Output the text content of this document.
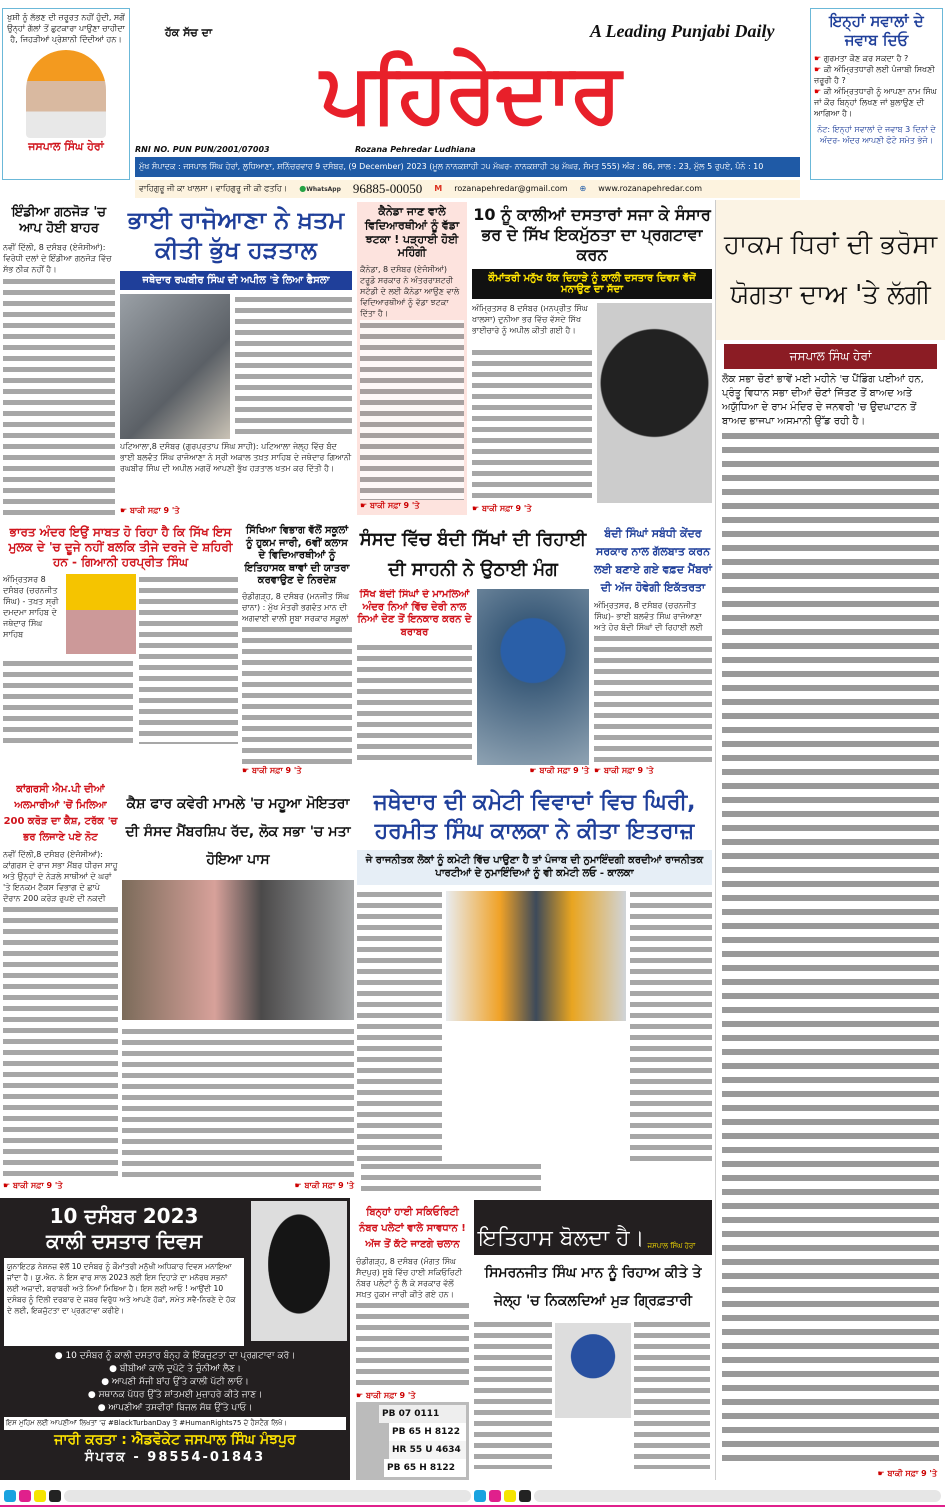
ਖੁਸ਼ੀ ਨੂੰ ਲੱਭਣ ਦੀ ਜ਼ਰੂਰਤ ਨਹੀਂ ਹੁੰਦੀ, ਸਗੋਂ ਉਨ੍ਹਾਂ ਗੱਲਾਂ ਤੋਂ ਛੁਟਕਾਰਾ ਪਾਉਣਾ ਚਾਹੀਦਾ ਹੈ, ਜਿਹੜੀਆਂ ਪ੍ਰੇਸ਼ਾਨੀ ਦਿੰਦੀਆਂ ਹਨ।
ਜਸਪਾਲ ਸਿੰਘ ਹੇਰਾਂ
ਹੱਕ ਸੱਚ ਦਾ	A Leading Punjabi Daily
ਪਹਿਰੇਦਾਰ
RNI NO. PUN PUN/2001/07003	Rozana Pehredar Ludhiana
ਮੁੱਖ ਸੰਪਾਦਕ : ਜਸਪਾਲ ਸਿੰਘ ਹੇਰਾਂ, ਲੁਧਿਆਣਾ, ਸ਼ਨਿੱਚਰਵਾਰ 9 ਦਸੰਬਰ, (9 December) 2023 (ਮੂਲ ਨਾਨਕਸ਼ਾਹੀ ੨੫ ਮੱਘਰ- ਨਾਨਕਸ਼ਾਹੀ ੨੪ ਮੱਘਰ, ਸੰਮਤ 555) ਅੰਕ : 86, ਸਾਲ : 23, ਮੁੱਲ 5 ਰੁਪਏ, ਪੰਨੇ : 10
ਵਾਹਿਗੁਰੂ ਜੀ ਕਾ ਖਾਲਸਾ। ਵਾਹਿਗੁਰੂ ਜੀ ਕੀ ਫਤਹਿ। ●WhatsApp 96885-00050 M rozanapehredar@gmail.com ⊕ www.rozanapehredar.com
ਇਨ੍ਹਾਂ ਸਵਾਲਾਂ ਦੇ ਜਵਾਬ ਦਿਓ
☛ ਗੁਰਮਤਾ ਕੌਣ ਕਰ ਸਕਦਾ ਹੈ ?
☛ ਕੀ ਅੰਮ੍ਰਿਤਧਾਰੀ ਲਈ ਪੰਜਾਬੀ ਸਿਖਣੀ ਜ਼ਰੂਰੀ ਹੈ ?
☛ ਕੀ ਅੰਮ੍ਰਿਤਧਾਰੀ ਨੂੰ ਆਪਣਾ ਨਾਮ ਸਿੰਘ ਜਾਂ ਕੌਰ ਬਿਨ੍ਹਾਂ ਲਿਖਣ ਜਾਂ ਬੁਲਾਉਣ ਦੀ ਆਗਿਆ ਹੈ।
ਨੋਟ: ਇਨ੍ਹਾਂ ਸਵਾਲਾਂ ਦੇ ਜਵਾਬ 3 ਦਿਨਾਂ ਦੇ ਅੰਦਰ- ਅੰਦਰ ਆਪਣੀ ਫੋਟੋ ਸਮੇਤ ਭੇਜੋ।
ਇੰਡੀਆ ਗਠਜੋੜ 'ਚ ਆਪ ਹੋਈ ਬਾਹਰ
ਨਵੀਂ ਦਿੱਲੀ, 8 ਦਸੰਬਰ (ਏਜੰਸੀਆਂ): ਵਿਰੋਧੀ ਦਲਾਂ ਦੇ ਇੰਡੀਆ ਗਠਜੋੜ ਵਿੱਚ ਸੱਭ ਠੀਕ ਨਹੀਂ ਹੈ।
ਭਾਈ ਰਾਜੋਆਣਾ ਨੇ ਖ਼ਤਮ ਕੀਤੀ ਭੁੱਖ ਹੜਤਾਲ
ਜਥੇਦਾਰ ਰਘਬੀਰ ਸਿੰਘ ਦੀ ਅਪੀਲ 'ਤੇ ਲਿਆ ਫੈਸਲਾ
ਪਟਿਆਲਾ,8 ਦਸੰਬਰ (ਗੁਰਪ੍ਰਤਾਪ ਸਿੰਘ ਸਾਹੀ): ਪਟਿਆਲਾ ਜੇਲ੍ਹ ਵਿੱਚ ਬੰਦ ਭਾਈ ਬਲਵੰਤ ਸਿੰਘ ਰਾਜੋਆਣਾ ਨੇ ਸ੍ਰੀ ਅਕਾਲ ਤਖ਼ਤ ਸਾਹਿਬ ਦੇ ਜਥੇਦਾਰ ਗਿਆਨੀ ਰਘਬੀਰ ਸਿੰਘ ਦੀ ਅਪੀਲ ਮਗਰੋਂ ਆਪਣੀ ਭੁੱਖ ਹੜਤਾਲ ਖਤਮ ਕਰ ਦਿੱਤੀ ਹੈ।
☛ ਬਾਕੀ ਸਫ਼ਾ 9 'ਤੇ
ਕੈਨੇਡਾ ਜਾਣ ਵਾਲੇ ਵਿਦਿਆਰਥੀਆਂ ਨੂੰ ਵੱਡਾ ਝਟਕਾ ! ਪੜ੍ਹਾਈ ਹੋਈ ਮਹਿੰਗੀ
ਕੈਨੇਡਾ, 8 ਦਸੰਬਰ (ਏਜੰਸੀਆਂ) ਟਰੂਡੋ ਸਰਕਾਰ ਨੇ ਅੰਤਰਰਾਸ਼ਟਰੀ ਸਟੱਡੀ ਦੇ ਲਈ ਕੈਨੇਡਾ ਆਉਣ ਵਾਲੇ ਵਿਦਿਆਰਥੀਆਂ ਨੂੰ ਵੱਡਾ ਝਟਕਾ ਦਿੱਤਾ ਹੈ।
☛ ਬਾਕੀ ਸਫ਼ਾ 9 'ਤੇ
10 ਨੂੰ ਕਾਲੀਆਂ ਦਸਤਾਰਾਂ ਸਜਾ ਕੇ ਸੰਸਾਰ ਭਰ ਦੇ ਸਿੱਖ ਇਕਮੁੱਠਤਾ ਦਾ ਪ੍ਰਗਟਾਵਾ ਕਰਨ
ਕੌਮਾਂਤਰੀ ਮਨੁੱਖ ਹੱਕ ਦਿਹਾੜੇ ਨੂੰ ਕਾਲੀ ਦਸਤਾਰ ਦਿਵਸ ਵੱਜੋਂ ਮਨਾਉਣ ਦਾ ਸੱਦਾ
ਅੰਮ੍ਰਿਤਸਰ 8 ਦਸੰਬਰ (ਮਨਪ੍ਰੀਤ ਸਿੰਘ ਖਾਲਸਾ) ਦੁਨੀਆ ਭਰ ਵਿੱਚ ਵੱਸਦੇ ਸਿੱਖ ਭਾਈਚਾਰੇ ਨੂੰ ਅਪੀਲ ਕੀਤੀ ਗਈ ਹੈ।
☛ ਬਾਕੀ ਸਫ਼ਾ 9 'ਤੇ
ਹਾਕਮ ਧਿਰਾਂ ਦੀ ਭਰੋਸਾ ਯੋਗਤਾ ਦਾਅ 'ਤੇ ਲੱਗੀ
ਜਸਪਾਲ ਸਿੰਘ ਹੇਰਾਂ
ਲੋਕ ਸਭਾ ਚੋਣਾਂ ਭਾਵੇਂ ਮਈ ਮਹੀਨੇ 'ਚ ਪੈਂਡਿੰਗ ਪਈਆਂ ਹਨ, ਪ੍ਰੰਤੂ ਵਿਧਾਨ ਸਭਾ ਦੀਆਂ ਚੋਣਾਂ ਜਿੱਤਣ ਤੋਂ ਬਾਅਦ ਅਤੇ ਅਯੁੱਧਿਆ ਦੇ ਰਾਮ ਮੰਦਿਰ ਦੇ ਜਨਵਰੀ 'ਚ ਉਦਘਾਟਨ ਤੋਂ ਬਾਅਦ ਭਾਜਪਾ ਅਸਮਾਨੀ ਉੱਡ ਰਹੀ ਹੈ।
☛ ਬਾਕੀ ਸਫ਼ਾ 9 'ਤੇ
ਭਾਰਤ ਅੰਦਰ ਇਉਂ ਸਾਬਤ ਹੋ ਰਿਹਾ ਹੈ ਕਿ ਸਿੱਖ ਇਸ ਮੁਲਕ ਦੇ 'ਚ ਦੂਜੇ ਨਹੀਂ ਬਲਕਿ ਤੀਜੇ ਦਰਜੇ ਦੇ ਸ਼ਹਿਰੀ ਹਨ - ਗਿਆਨੀ ਹਰਪ੍ਰੀਤ ਸਿੰਘ
ਅੰਮ੍ਰਿਤਸਰ 8 ਦਸੰਬਰ (ਚਰਨਜੀਤ ਸਿੰਘ) - ਤਖ਼ਤ ਸ੍ਰੀ ਦਮਦਮਾ ਸਾਹਿਬ ਦੇ ਜਥੇਦਾਰ ਸਿੰਘ ਸਾਹਿਬ
ਸਿੱਖਿਆ ਵਿਭਾਗ ਵੱਲੋਂ ਸਕੂਲਾਂ ਨੂੰ ਹੁਕਮ ਜਾਰੀ, 6ਵੀਂ ਕਲਾਸ ਦੇ ਵਿਦਿਆਰਥੀਆਂ ਨੂੰ ਇਤਿਹਾਸਕ ਥਾਵਾਂ ਦੀ ਯਾਤਰਾ ਕਰਵਾਉਣ ਦੇ ਨਿਰਦੇਸ਼
ਚੰਡੀਗੜ੍ਹ, 8 ਦਸੰਬਰ (ਮਨਜੀਤ ਸਿੰਘ ਚਾਨਾ) : ਮੁੱਖ ਮੰਤਰੀ ਭਗਵੰਤ ਮਾਨ ਦੀ ਅਗਵਾਈ ਵਾਲੀ ਸੂਬਾ ਸਰਕਾਰ ਸਕੂਲਾਂ
☛ ਬਾਕੀ ਸਫ਼ਾ 9 'ਤੇ
ਸੰਸਦ ਵਿੱਚ ਬੰਦੀ ਸਿੱਖਾਂ ਦੀ ਰਿਹਾਈ ਦੀ ਸਾਹਨੀ ਨੇ ਉਠਾਈ ਮੰਗ
ਸਿੱਖ ਬੰਦੀ ਸਿੰਘਾਂ ਦੇ ਮਾਮਲਿਆਂ ਅੰਦਰ ਨਿਆਂ ਵਿੱਚ ਦੇਰੀ ਨਾਲ ਨਿਆਂ ਦੇਣ ਤੋਂ ਇਨਕਾਰ ਕਰਨ ਦੇ ਬਰਾਬਰ
☛ ਬਾਕੀ ਸਫ਼ਾ 9 'ਤੇ
ਬੰਦੀ ਸਿੰਘਾਂ ਸਬੰਧੀ ਕੇਂਦਰ ਸਰਕਾਰ ਨਾਲ ਗੱਲਬਾਤ ਕਰਨ ਲਈ ਬਣਾਏ ਗਏ ਵਫ਼ਦ ਮੈਂਬਰਾਂ ਦੀ ਅੱਜ ਹੋਵੇਗੀ ਇਕੱਤਰਤਾ
ਅੰਮ੍ਰਿਤਸਰ, 8 ਦਸੰਬਰ (ਚਰਨਜੀਤ ਸਿੰਘ)- ਭਾਈ ਬਲਵੰਤ ਸਿੰਘ ਰਾਜੋਆਣਾ ਅਤੇ ਹੋਰ ਬੰਦੀ ਸਿੰਘਾਂ ਦੀ ਰਿਹਾਈ ਲਈ
☛ ਬਾਕੀ ਸਫ਼ਾ 9 'ਤੇ
ਕਾਂਗਰਸੀ ਐਮ.ਪੀ ਦੀਆਂ ਅਲਮਾਰੀਆਂ 'ਚੋਂ ਮਿਲਿਆ 200 ਕਰੋੜ ਦਾ ਕੈਸ਼, ਟਰੱਕ 'ਚ ਭਰ ਲਿਜਾਣੇ ਪਏ ਨੋਟ
ਨਵੀਂ ਦਿੱਲੀ,8 ਦਸੰਬਰ (ਏਜੰਸੀਆਂ): ਕਾਂਗਰਸ ਦੇ ਰਾਜ ਸਭਾ ਮੈਂਬਰ ਧੀਰਜ ਸਾਹੂ ਅਤੇ ਉਨ੍ਹਾਂ ਦੇ ਨੇੜਲੇ ਸਾਥੀਆਂ ਦੇ ਘਰਾਂ 'ਤੇ ਇਨਕਮ ਟੈਕਸ ਵਿਭਾਗ ਦੇ ਛਾਪੇ ਦੌਰਾਨ 200 ਕਰੋੜ ਰੁਪਏ ਦੀ ਨਕਦੀ
☛ ਬਾਕੀ ਸਫ਼ਾ 9 'ਤੇ
ਕੈਸ਼ ਫਾਰ ਕਵੇਰੀ ਮਾਮਲੇ 'ਚ ਮਹੂਆ ਮੋਇਤਰਾ ਦੀ ਸੰਸਦ ਮੈਂਬਰਸ਼ਿਪ ਰੱਦ, ਲੋਕ ਸਭਾ 'ਚ ਮਤਾ ਹੋਇਆ ਪਾਸ
☛ ਬਾਕੀ ਸਫ਼ਾ 9 'ਤੇ
ਜਥੇਦਾਰ ਦੀ ਕਮੇਟੀ ਵਿਵਾਦਾਂ ਵਿਚ ਘਿਰੀ, ਹਰਮੀਤ ਸਿੰਘ ਕਾਲਕਾ ਨੇ ਕੀਤਾ ਇਤਰਾਜ਼
ਜੇ ਰਾਜਨੀਤਕ ਲੋਕਾਂ ਨੂੰ ਕਮੇਟੀ ਵਿੱਚ ਪਾਉਣਾ ਹੈ ਤਾਂ ਪੰਜਾਬ ਦੀ ਨੁਮਾਇੰਦਗੀ ਕਰਦੀਆਂ ਰਾਜਨੀਤਕ ਪਾਰਟੀਆਂ ਦੇ ਨੁਮਾਇੰਦਿਆਂ ਨੂੰ ਵੀ ਕਮੇਟੀ ਲਓ - ਕਾਲਕਾ
10 ਦਸੰਬਰ 2023
ਕਾਲੀ ਦਸਤਾਰ ਦਿਵਸ
ਯੂਨਾਇਟਡ ਨੇਸ਼ਨਜ਼ ਵੱਲੋਂ 10 ਦਸੰਬਰ ਨੂੰ ਕੌਮਾਂਤਰੀ ਮਨੁੱਖੀ ਅਧਿਕਾਰ ਦਿਵਸ ਮਨਾਇਆ ਜਾਂਦਾ ਹੈ। ਯੂ.ਐਨ. ਨੇ ਇਸ ਵਾਰ ਸਾਲ 2023 ਲਈ ਇਸ ਦਿਹਾੜੇ ਦਾ ਮਨੋਰਥ ਸਭਨਾਂ ਲਈ ਅਜ਼ਾਦੀ, ਬਰਾਬਰੀ ਅਤੇ ਨਿਆਂ ਮਿਥਿਆ ਹੈ। ਇਸ ਲਈ ਆਓ ! ਆਉਂਦੀ 10 ਦਸੰਬਰ ਨੂੰ ਦਿੱਲੀ ਦਰਬਾਰ ਦੇ ਜਬਰ ਵਿਰੁੱਧ ਅਤੇ ਆਪਣੇ ਹੱਕਾਂ, ਸਮੇਤ ਸਵੈ-ਨਿਰਣੇ ਦੇ ਹੱਕ ਦੇ ਲਈ, ਇਕਜੁੱਟਤਾ ਦਾ ਪ੍ਰਗਟਾਵਾ ਕਰੀਏ।
● 10 ਦਸੰਬਰ ਨੂੰ ਕਾਲੀ ਦਸਤਾਰ ਬੰਨ੍ਹ ਕੇ ਇੱਕਜੁਟਤਾ ਦਾ ਪ੍ਰਗਟਾਵਾ ਕਰੋ।
● ਬੀਬੀਆਂ ਕਾਲੇ ਦੁਪੱਟੇ ਤੇ ਚੁੰਨੀਆਂ ਲੈਣ।
● ਆਪਣੀ ਸੱਜੀ ਬਾਂਹ ਉੱਤੇ ਕਾਲੀ ਪੱਟੀ ਲਾਓ।
● ਸਥਾਨਕ ਪੱਧਰ ਉੱਤੇ ਸ਼ਾਂਤਮਈ ਮੁਜ਼ਾਹਰੇ ਕੀਤੇ ਜਾਣ।
● ਆਪਣੀਆਂ ਤਸਵੀਰਾਂ ਬਿਜਲ ਸੱਥ ਉੱਤੇ ਪਾਓ।
ਇਸ ਮੁਹਿਮ ਲਈ ਆਪਣੀਆਂ ਲਿਖਤਾਂ 'ਚ #BlackTurbanDay ਤੇ #HumanRights75 ਦੇ ਹੈਸ਼ਟੈਗ ਲਿਖੋ।
ਜਾਰੀ ਕਰਤਾ : ਐਡਵੋਕੇਟ ਜਸਪਾਲ ਸਿੰਘ ਮੰਝਪੁਰ
ਸੰਪਰਕ - 98554-01843
ਬਿਨ੍ਹਾਂ ਹਾਈ ਸਕਿਓਰਿਟੀ ਨੰਬਰ ਪਲੇਟਾਂ ਵਾਲੇ ਸਾਵਧਾਨ ! ਅੱਜ ਤੋਂ ਕੱਟੇ ਜਾਣਗੇ ਚਲਾਨ
ਚੰਡੀਗੜ੍ਹ, 8 ਦਸੰਬਰ (ਮੰਗਤ ਸਿੰਘ ਸੈਦਪੁਰ) ਸੂਬੇ ਵਿੱਚ ਹਾਈ ਸਕਿਓਰਿਟੀ ਨੰਬਰ ਪਲੇਟਾਂ ਨੂੰ ਲੈ ਕੇ ਸਰਕਾਰ ਵੱਲੋਂ ਸਖ਼ਤ ਹੁਕਮ ਜਾਰੀ ਕੀਤੇ ਗਏ ਹਨ।
☛ ਬਾਕੀ ਸਫ਼ਾ 9 'ਤੇ
PB 07 0111
PB 65 H 8122
HR 55 U 4634
PB 65 H 8122
ਇਤਿਹਾਸ ਬੋਲਦਾ ਹੈ। ਜਸਪਾਲ ਸਿੰਘ ਹੇਰਾਂ
ਸਿਮਰਨਜੀਤ ਸਿੰਘ ਮਾਨ ਨੂੰ ਰਿਹਾਅ ਕੀਤੇ ਤੇ ਜੇਲ੍ਹ 'ਚ ਨਿਕਲਦਿਆਂ ਮੁੜ ਗ੍ਰਿਫ਼ਤਾਰੀ
